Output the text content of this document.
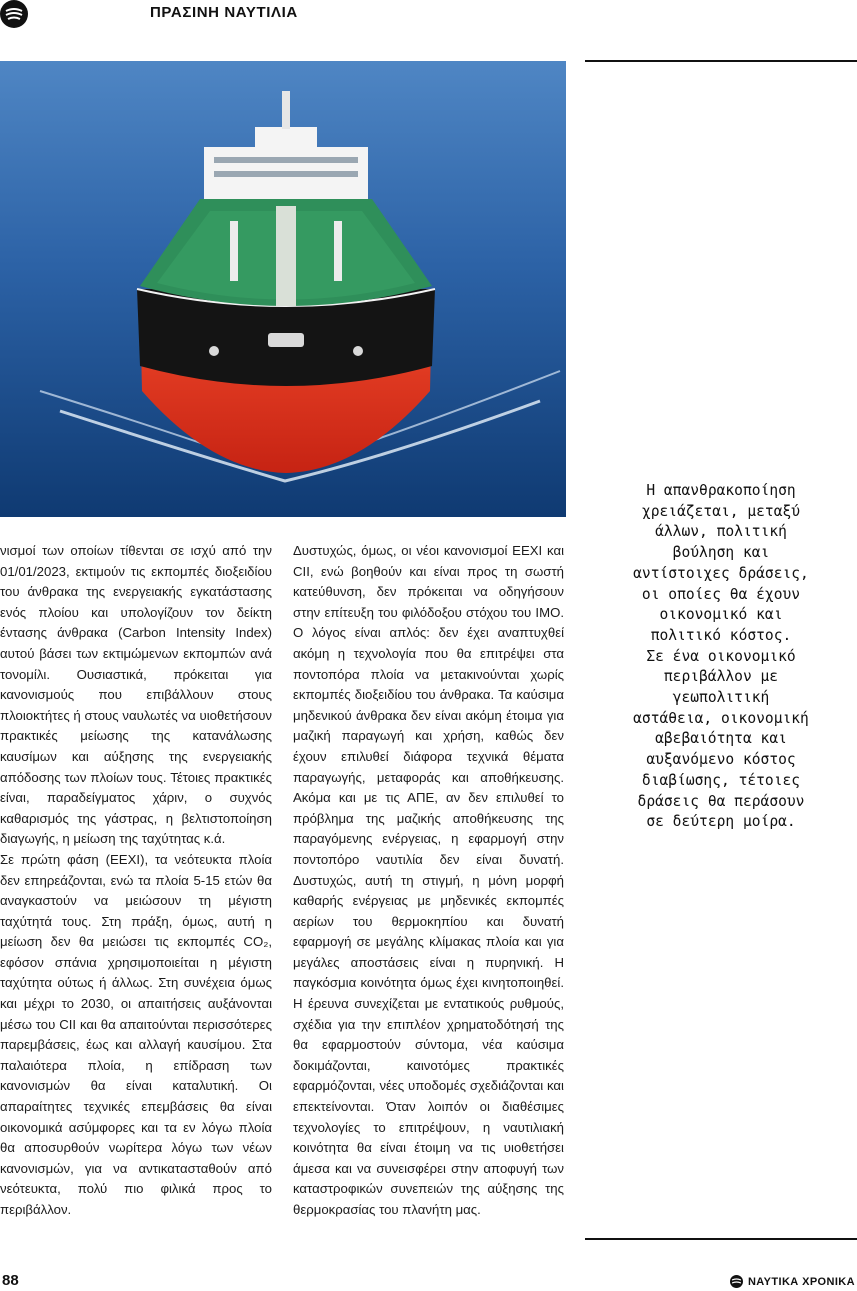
ΠΡΑΣΙΝΗ ΝΑΥΤΙΛΙΑ

νισμοί των οποίων τίθενται σε ισχύ από την 01/01/2023, εκτιμούν τις εκπομπές διοξειδίου του άνθρακα της ενεργειακής εγκατάστασης ενός πλοίου και υπολογίζουν τον δείκτη έντασης άνθρακα (Carbon Intensity Index) αυτού βάσει των εκτιμώμενων εκπομπών ανά τονομίλι. Ουσιαστικά, πρόκειται για κανονισμούς που επιβάλλουν στους πλοιοκτήτες ή στους ναυλωτές να υιοθετήσουν πρακτικές μείωσης της κατανάλωσης καυσίμων και αύξησης της ενεργειακής απόδοσης των πλοίων τους. Τέτοιες πρακτικές είναι, παραδείγματος χάριν, ο συχνός καθαρισμός της γάστρας, η βελτιστοποίηση διαγωγής, η μείωση της ταχύτητας κ.ά.

Σε πρώτη φάση (EEXI), τα νεότευκτα πλοία δεν επηρεάζονται, ενώ τα πλοία 5-15 ετών θα αναγκαστούν να μειώσουν τη μέγιστη ταχύτητά τους. Στη πράξη, όμως, αυτή η μείωση δεν θα μειώσει τις εκπομπές CO₂, εφόσον σπάνια χρησιμοποιείται η μέγιστη ταχύτητα ούτως ή άλλως. Στη συνέχεια όμως και μέχρι το 2030, οι απαιτήσεις αυξάνονται μέσω του CII και θα απαιτούνται περισσότερες παρεμβάσεις, έως και αλλαγή καυσίμου. Στα παλαιότερα πλοία, η επίδραση των κανονισμών θα είναι καταλυτική. Οι απαραίτητες τεχνικές επεμβάσεις θα είναι οικονομικά ασύμφορες και τα εν λόγω πλοία θα αποσυρθούν νωρίτερα λόγω των νέων κανονισμών, για να αντικατασταθούν από νεότευκτα, πολύ πιο φιλικά προς το περιβάλλον.

Δυστυχώς, όμως, οι νέοι κανονισμοί EEXI και CII, ενώ βοηθούν και είναι προς τη σωστή κατεύθυνση, δεν πρόκειται να οδηγήσουν στην επίτευξη του φιλόδοξου στόχου του IMO. Ο λόγος είναι απλός: δεν έχει αναπτυχθεί ακόμη η τεχνολογία που θα επιτρέψει στα ποντοπόρα πλοία να μετακινούνται χωρίς εκπομπές διοξειδίου του άνθρακα. Τα καύσιμα μηδενικού άνθρακα δεν είναι ακόμη έτοιμα για μαζική παραγωγή και χρήση, καθώς δεν έχουν επιλυθεί διάφορα τεχνικά θέματα παραγωγής, μεταφοράς και αποθήκευσης. Ακόμα και με τις ΑΠΕ, αν δεν επιλυθεί το πρόβλημα της μαζικής αποθήκευσης της παραγόμενης ενέργειας, η εφαρμογή στην ποντοπόρο ναυτιλία δεν είναι δυνατή. Δυστυχώς, αυτή τη στιγμή, η μόνη μορφή καθαρής ενέργειας με μηδενικές εκπομπές αερίων του θερμοκηπίου και δυνατή εφαρμογή σε μεγάλης κλίμακας πλοία και για μεγάλες αποστάσεις είναι η πυρηνική. Η παγκόσμια κοινότητα όμως έχει κινητοποιηθεί. Η έρευνα συνεχίζεται με εντατικούς ρυθμούς, σχέδια για την επιπλέον χρηματοδότησή της θα εφαρμοστούν σύντομα, νέα καύσιμα δοκιμάζονται, καινοτόμες πρακτικές εφαρμόζονται, νέες υποδομές σχεδιάζονται και επεκτείνονται. Όταν λοιπόν οι διαθέσιμες τεχνολογίες το επιτρέψουν, η ναυτιλιακή κοινότητα θα είναι έτοιμη να τις υιοθετήσει άμεσα και να συνεισφέρει στην αποφυγή των καταστροφικών συνεπειών της αύξησης της θερμοκρασίας του πλανήτη μας.

Η απανθρακοποίηση
χρειάζεται, μεταξύ
άλλων, πολιτική
βούληση και
αντίστοιχες δράσεις,
οι οποίες θα έχουν
οικονομικό και
πολιτικό κόστος.
Σε ένα οικονομικό
περιβάλλον με
γεωπολιτική
αστάθεια, οικονομική
αβεβαιότητα και
αυξανόμενο κόστος
διαβίωσης, τέτοιες
δράσεις θα περάσουν
σε δεύτερη μοίρα.
88	ΝΑΥΤΙΚΑ ΧΡΟΝΙΚΑ
